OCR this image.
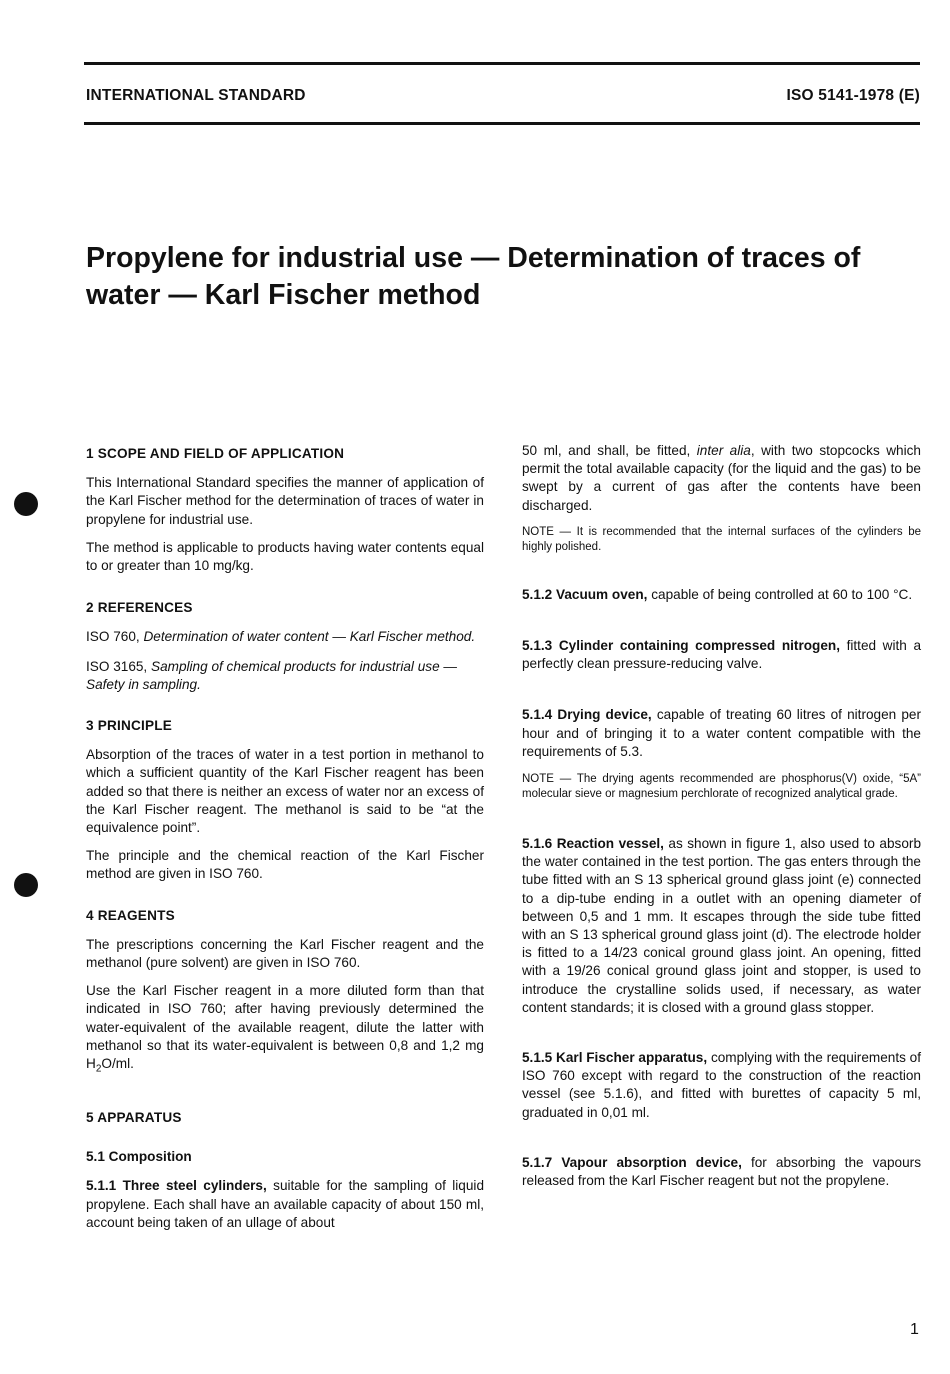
INTERNATIONAL STANDARD	ISO 5141-1978 (E)
Propylene for industrial use — Determination of traces of
water — Karl Fischer method

1 SCOPE AND FIELD OF APPLICATION

This International Standard specifies the manner of application of the Karl Fischer method for the determination of traces of water in propylene for industrial use.

The method is applicable to products having water contents equal to or greater than 10 mg/kg.

2 REFERENCES

ISO 760, Determination of water content — Karl Fischer method.

ISO 3165, Sampling of chemical products for industrial use — Safety in sampling.

3 PRINCIPLE

Absorption of the traces of water in a test portion in methanol to which a sufficient quantity of the Karl Fischer reagent has been added so that there is neither an excess of water nor an excess of the Karl Fischer reagent. The methanol is said to be “at the equivalence point”.

The principle and the chemical reaction of the Karl Fischer method are given in ISO 760.

4 REAGENTS

The prescriptions concerning the Karl Fischer reagent and the methanol (pure solvent) are given in ISO 760.

Use the Karl Fischer reagent in a more diluted form than that indicated in ISO 760; after having previously determined the water-equivalent of the available reagent, dilute the latter with methanol so that its water-equivalent is between 0,8 and 1,2 mg $H_2O/ml$.

5 APPARATUS

5.1 Composition

5.1.1 Three steel cylinders, suitable for the sampling of liquid propylene. Each shall have an available capacity of about 150 ml, account being taken of an ullage of about

50 ml, and shall, be fitted, inter alia, with two stopcocks which permit the total available capacity (for the liquid and the gas) to be swept by a current of gas after the contents have been discharged.

NOTE — It is recommended that the internal surfaces of the cylinders be highly polished.

5.1.2 Vacuum oven, capable of being controlled at 60 to 100 °C.

5.1.3 Cylinder containing compressed nitrogen, fitted with a perfectly clean pressure-reducing valve.

5.1.4 Drying device, capable of treating 60 litres of nitrogen per hour and of bringing it to a water content compatible with the requirements of 5.3.

NOTE — The drying agents recommended are phosphorus(V) oxide, “5A” molecular sieve or magnesium perchlorate of recognized analytical grade.

5.1.6 Reaction vessel, as shown in figure 1, also used to absorb the water contained in the test portion. The gas enters through the tube fitted with an S 13 spherical ground glass joint (e) connected to a dip-tube ending in a outlet with an opening diameter of between 0,5 and 1 mm. It escapes through the side tube fitted with an S 13 spherical ground glass joint (d). The electrode holder is fitted to a 14/23 conical ground glass joint. An opening, fitted with a 19/26 conical ground glass joint and stopper, is used to introduce the crystalline solids used, if necessary, as water content standards; it is closed with a ground glass stopper.

5.1.5 Karl Fischer apparatus, complying with the requirements of ISO 760 except with regard to the construction of the reaction vessel (see 5.1.6), and fitted with burettes of capacity 5 ml, graduated in 0,01 ml.

5.1.7 Vapour absorption device, for absorbing the vapours released from the Karl Fischer reagent but not the propylene.

1
